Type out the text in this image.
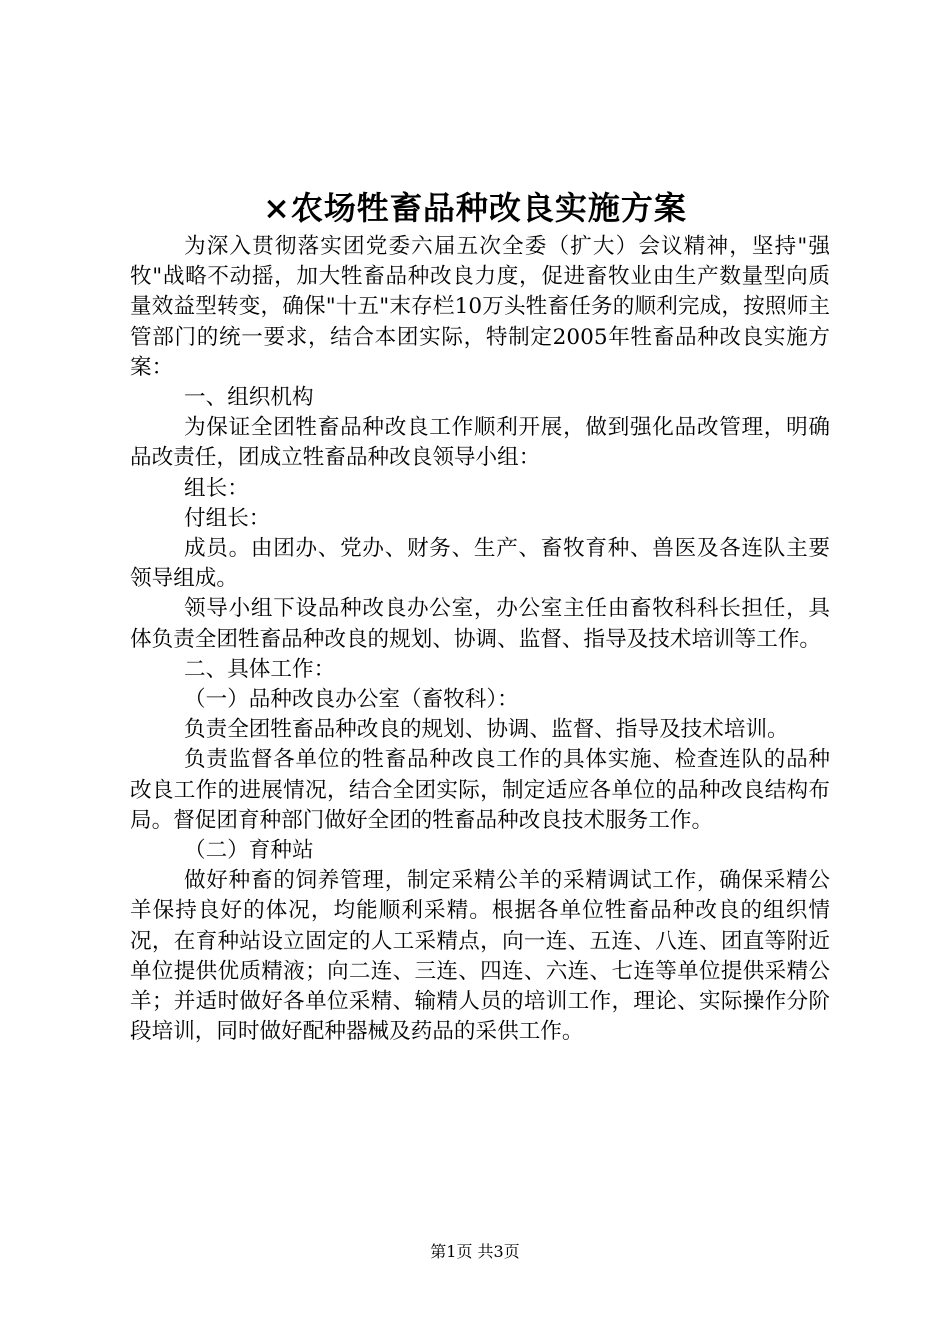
×农场牲畜品种改良实施方案

为深入贯彻落实团党委六届五次全委（扩大）会议精神，坚持"强牧"战略不动摇，加大牲畜品种改良力度，促进畜牧业由生产数量型向质量效益型转变，确保"十五"末存栏10万头牲畜任务的顺利完成，按照师主管部门的统一要求，结合本团实际，特制定2005年牲畜品种改良实施方案：

一、组织机构

为保证全团牲畜品种改良工作顺利开展，做到强化品改管理，明确品改责任，团成立牲畜品种改良领导小组：

组长：

付组长：

成员。由团办、党办、财务、生产、畜牧育种、兽医及各连队主要领导组成。

领导小组下设品种改良办公室，办公室主任由畜牧科科长担任，具体负责全团牲畜品种改良的规划、协调、监督、指导及技术培训等工作。

二、具体工作：

（一）品种改良办公室（畜牧科）：

负责全团牲畜品种改良的规划、协调、监督、指导及技术培训。

负责监督各单位的牲畜品种改良工作的具体实施、检查连队的品种改良工作的进展情况，结合全团实际，制定适应各单位的品种改良结构布局。督促团育种部门做好全团的牲畜品种改良技术服务工作。

（二）育种站

做好种畜的饲养管理，制定采精公羊的采精调试工作，确保采精公羊保持良好的体况，均能顺利采精。根据各单位牲畜品种改良的组织情况，在育种站设立固定的人工采精点，向一连、五连、八连、团直等附近单位提供优质精液；向二连、三连、四连、六连、七连等单位提供采精公羊；并适时做好各单位采精、输精人员的培训工作，理论、实际操作分阶段培训，同时做好配种器械及药品的采供工作。

第1页 共3页
